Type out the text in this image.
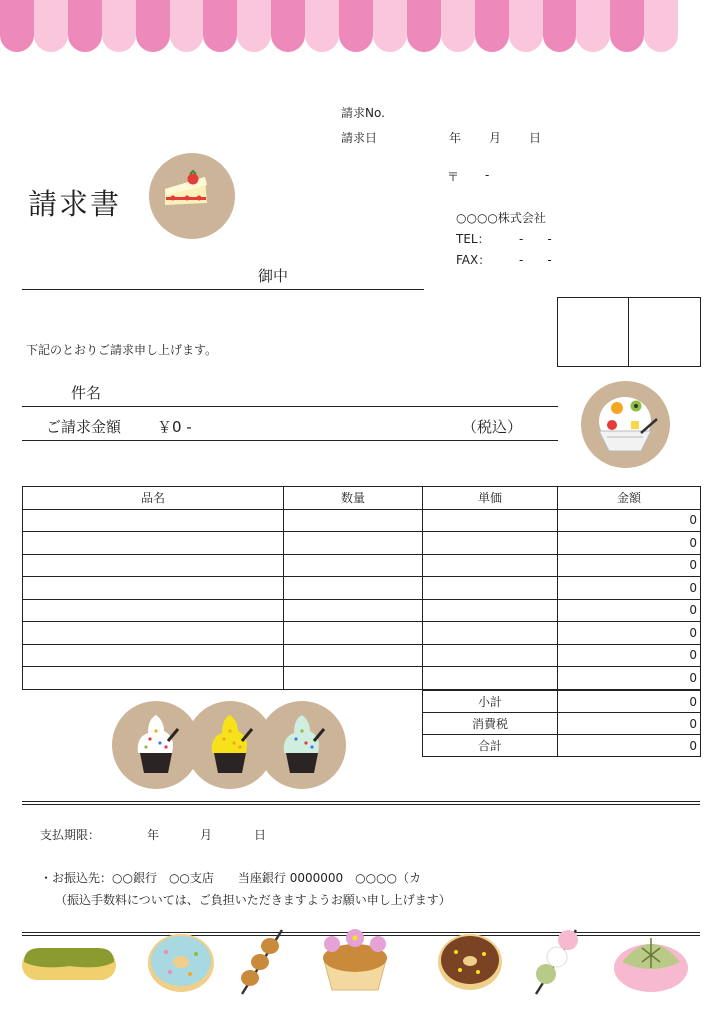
請求No.
請求日	年 月 日
請求書
〒 -
○○○○株式会社
TEL： -　　-
FAX： -　　-
御中
下記のとおりご請求申し上げます。
件名
ご請求金額 ￥0 -	（税込）
品名	数量	単価	金額
			0
			0
			0
			0
			0
			0
			0
			0
小計	0
消費税	0
合計	0
支払期限：	年	月	日
・お振込先：○○銀行　○○支店　　当座銀行 0000000　○○○○（カ
（振込手数料については、ご負担いただきますようお願い申し上げます）
